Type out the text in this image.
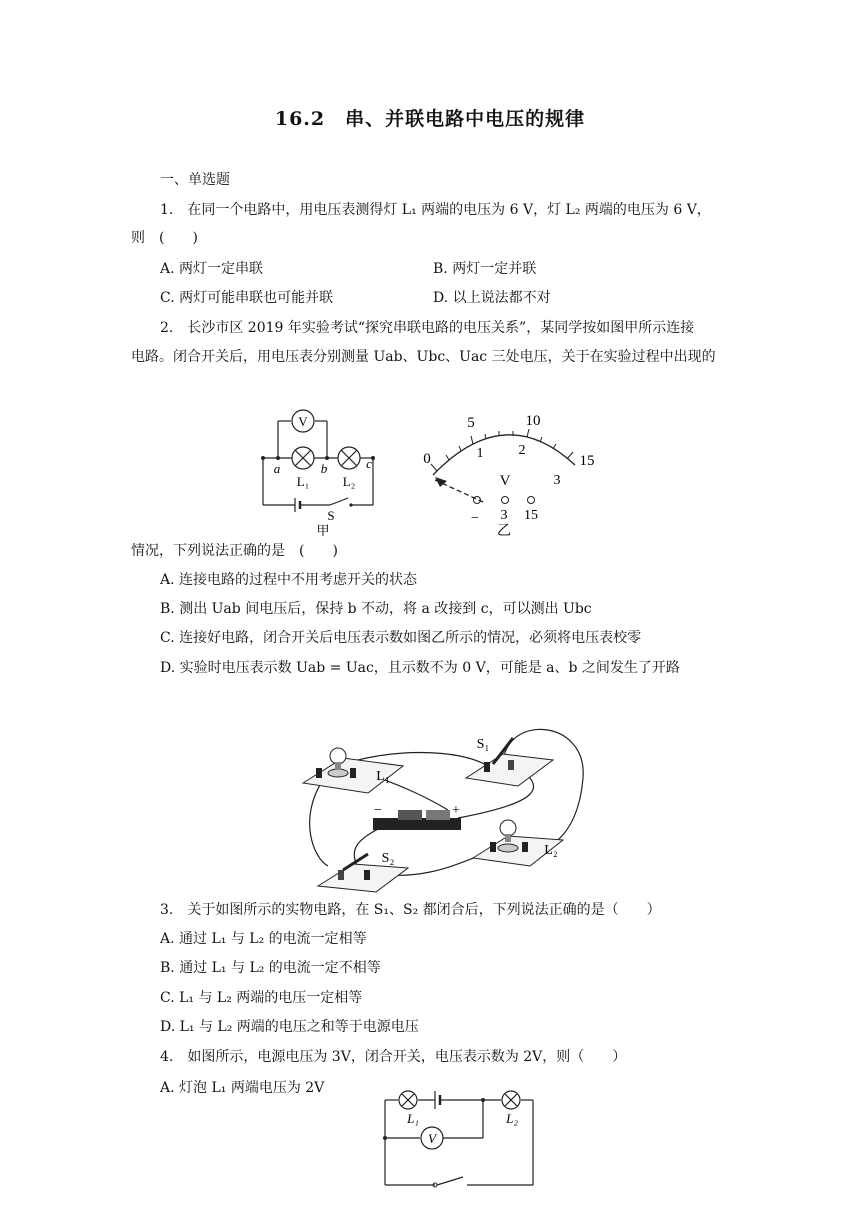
16.2　串、并联电路中电压的规律
一、单选题
1.　在同一个电路中，用电压表测得灯 L₁ 两端的电压为 6 V，灯 L₂ 两端的电压为 6 V，
则　(　　)
A. 两灯一定串联	B. 两灯一定并联
C. 两灯可能串联也可能并联	D. 以上说法都不对
2.　长沙市区 2019 年实验考试“探究串联电路的电压关系”，某同学按如图甲所示连接
电路。闭合开关后，用电压表分别测量 Uab、Ubc、Uac 三处电压，关于在实验过程中出现的
V
a	b	c
L₁	L₂
S
甲
0
5	10
15
1	2
3
V
− 3 15
乙
情况，下列说法正确的是　(　　)
A. 连接电路的过程中不用考虑开关的状态
B. 测出 Uab 间电压后，保持 b 不动，将 a 改接到 c，可以测出 Ubc
C. 连接好电路，闭合开关后电压表示数如图乙所示的情况，必须将电压表校零
D. 实验时电压表示数 Uab = Uac，且示数不为 0 V，可能是 a、b 之间发生了开路
L₁
S₁
−	+
S₂
L₂
3.　关于如图所示的实物电路，在 S₁、S₂ 都闭合后，下列说法正确的是（　　）
A. 通过 L₁ 与 L₂ 的电流一定相等
B. 通过 L₁ 与 L₂ 的电流一定不相等
C. L₁ 与 L₂ 两端的电压一定相等
D. L₁ 与 L₂ 两端的电压之和等于电源电压
4.　如图所示，电源电压为 3V，闭合开关，电压表示数为 2V，则（　　）
A. 灯泡 L₁ 两端电压为 2V
V
L₁	L₂
